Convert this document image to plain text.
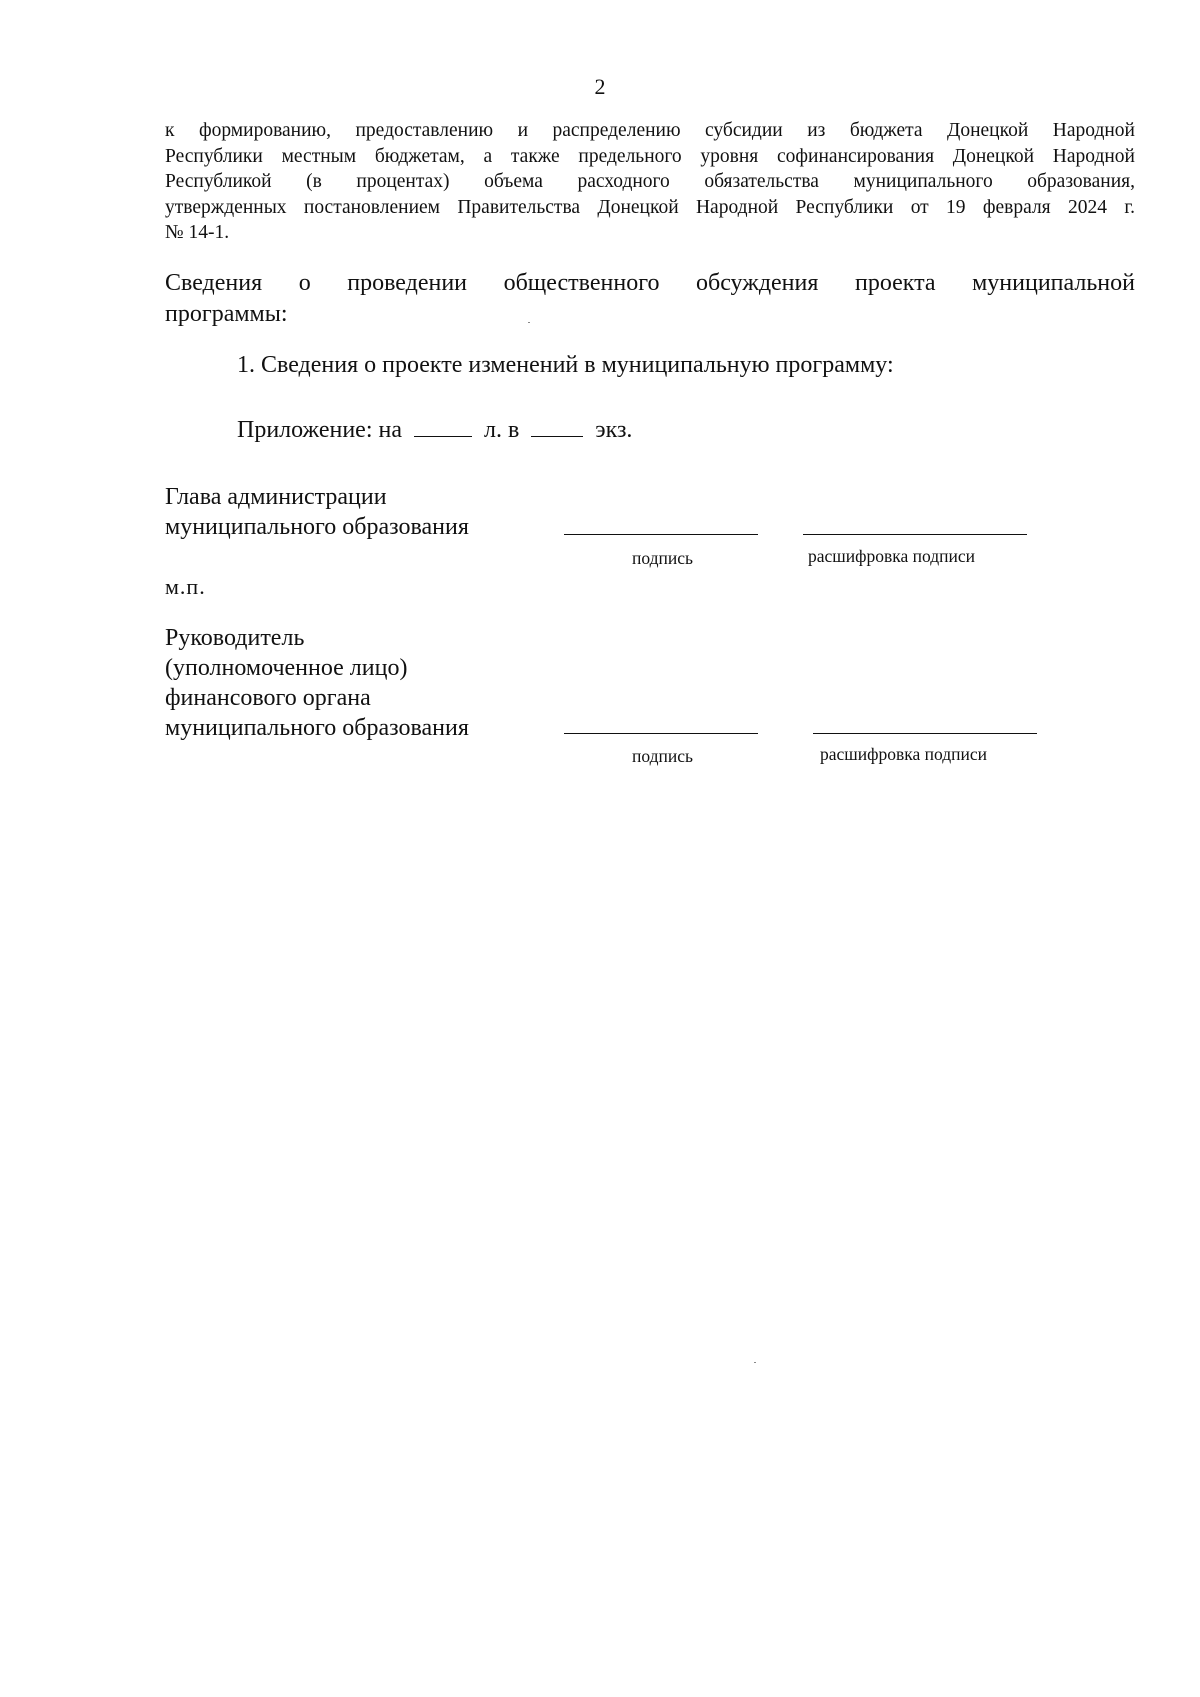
2
к формированию, предоставлению и распределению субсидии из бюджета Донецкой Народной
Республики местным бюджетам, а также предельного уровня софинансирования Донецкой Народной
Республикой (в процентах) объема расходного обязательства муниципального образования,
утвержденных постановлением Правительства Донецкой Народной Республики от 19 февраля 2024 г.
№ 14-1.
Сведения о проведении общественного обсуждения проекта муниципальной
программы:
1. Сведения о проекте изменений в муниципальную программу:
Приложение: на	л. в	экз.
Глава администрации
муниципального образования
подпись	расшифровка подписи
м.п.
Руководитель
(уполномоченное лицо)
финансового органа
муниципального образования
подпись	расшифровка подписи
